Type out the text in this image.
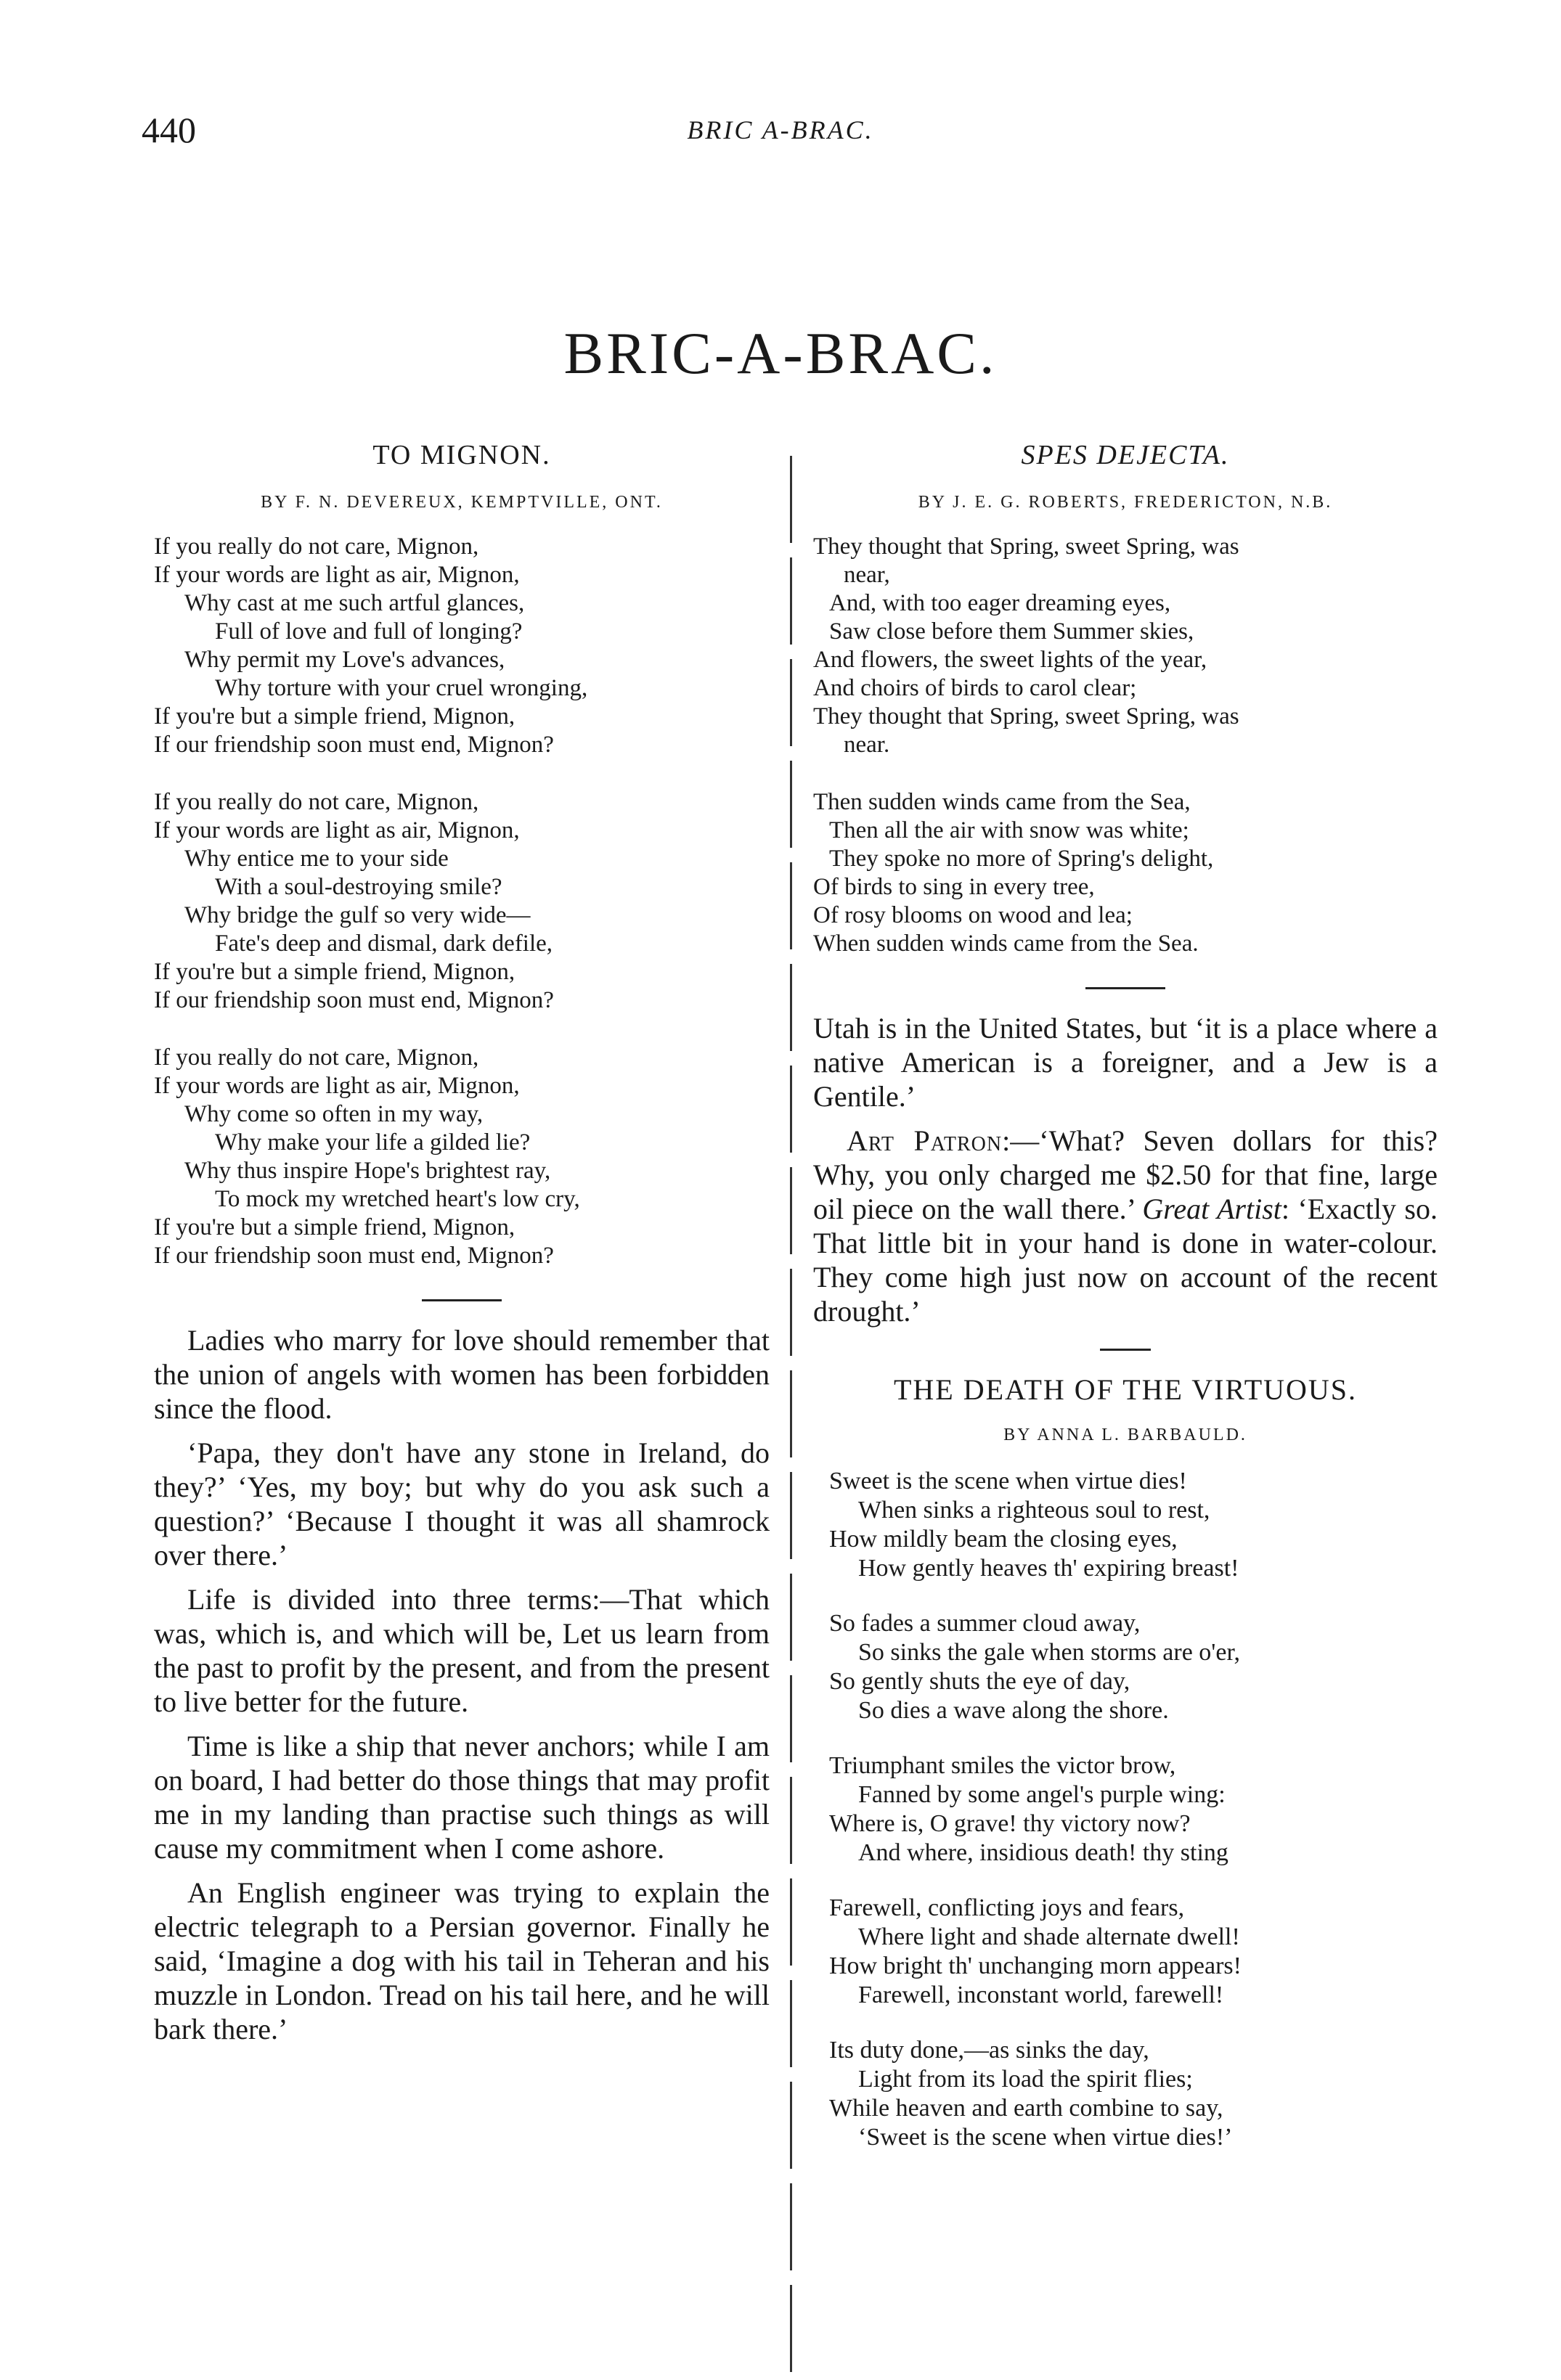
440	BRIC A-BRAC.
BRIC-A-BRAC.
TO MIGNON.
BY F. N. DEVEREUX, KEMPTVILLE, ONT.
If you really do not care, Mignon,
If your words are light as air, Mignon,
Why cast at me such artful glances,
Full of love and full of longing?
Why permit my Love's advances,
Why torture with your cruel wronging,
If you're but a simple friend, Mignon,
If our friendship soon must end, Mignon?
If you really do not care, Mignon,
If your words are light as air, Mignon,
Why entice me to your side
With a soul-destroying smile?
Why bridge the gulf so very wide—
Fate's deep and dismal, dark defile,
If you're but a simple friend, Mignon,
If our friendship soon must end, Mignon?
If you really do not care, Mignon,
If your words are light as air, Mignon,
Why come so often in my way,
Why make your life a gilded lie?
Why thus inspire Hope's brightest ray,
To mock my wretched heart's low cry,
If you're but a simple friend, Mignon,
If our friendship soon must end, Mignon?

Ladies who marry for love should remember that the union of angels with women has been forbidden since the flood.

‘Papa, they don't have any stone in Ireland, do they?’ ‘Yes, my boy; but why do you ask such a question?’ ‘Because I thought it was all shamrock over there.’

Life is divided into three terms:—That which was, which is, and which will be, Let us learn from the past to profit by the present, and from the present to live better for the future.

Time is like a ship that never anchors; while I am on board, I had better do those things that may profit me in my landing than practise such things as will cause my commitment when I come ashore.

An English engineer was trying to explain the electric telegraph to a Persian governor. Finally he said, ‘Imagine a dog with his tail in Teheran and his muzzle in London. Tread on his tail here, and he will bark there.’

SPES DEJECTA.
BY J. E. G. ROBERTS, FREDERICTON, N.B.
They thought that Spring, sweet Spring, was
near,
And, with too eager dreaming eyes,
Saw close before them Summer skies,
And flowers, the sweet lights of the year,
And choirs of birds to carol clear;
They thought that Spring, sweet Spring, was
near.
Then sudden winds came from the Sea,
Then all the air with snow was white;
They spoke no more of Spring's delight,
Of birds to sing in every tree,
Of rosy blooms on wood and lea;
When sudden winds came from the Sea.

Utah is in the United States, but ‘it is a place where a native American is a foreigner, and a Jew is a Gentile.’

Art Patron:—‘What? Seven dollars for this? Why, you only charged me $2.50 for that fine, large oil piece on the wall there.’ Great Artist: ‘Exactly so. That little bit in your hand is done in water-colour. They come high just now on account of the recent drought.’

THE DEATH OF THE VIRTUOUS.
BY ANNA L. BARBAULD.
Sweet is the scene when virtue dies!
When sinks a righteous soul to rest,
How mildly beam the closing eyes,
How gently heaves th' expiring breast!
So fades a summer cloud away,
So sinks the gale when storms are o'er,
So gently shuts the eye of day,
So dies a wave along the shore.
Triumphant smiles the victor brow,
Fanned by some angel's purple wing:
Where is, O grave! thy victory now?
And where, insidious death! thy sting
Farewell, conflicting joys and fears,
Where light and shade alternate dwell!
How bright th' unchanging morn appears!
Farewell, inconstant world, farewell!
Its duty done,—as sinks the day,
Light from its load the spirit flies;
While heaven and earth combine to say,
‘Sweet is the scene when virtue dies!’
